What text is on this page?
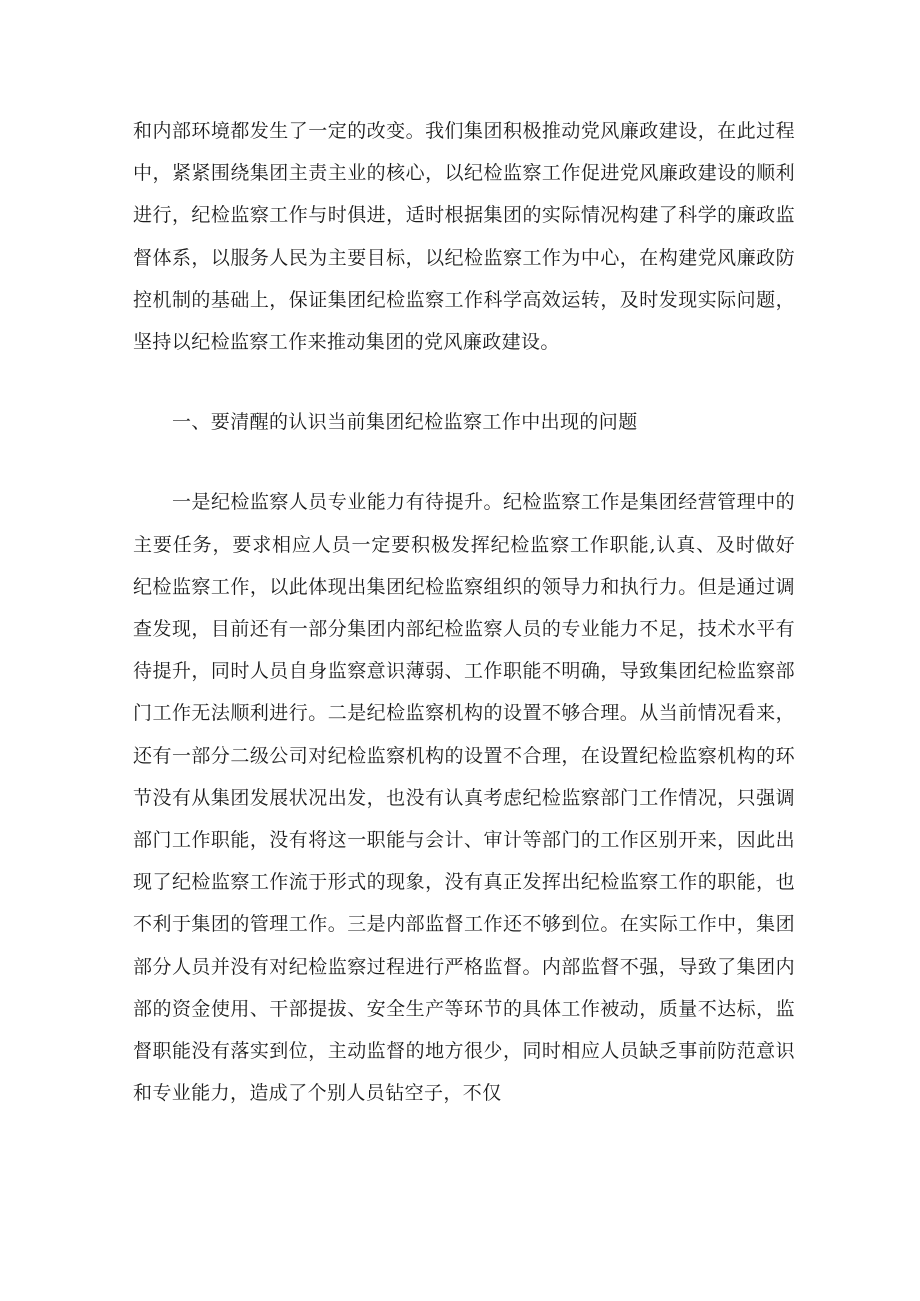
和内部环境都发生了一定的改变。我们集团积极推动党风廉政建设，在此过程中，紧紧围绕集团主责主业的核心，以纪检监察工作促进党风廉政建设的顺利进行，纪检监察工作与时俱进，适时根据集团的实际情况构建了科学的廉政监督体系，以服务人民为主要目标，以纪检监察工作为中心，在构建党风廉政防控机制的基础上，保证集团纪检监察工作科学高效运转，及时发现实际问题，坚持以纪检监察工作来推动集团的党风廉政建设。

一、要清醒的认识当前集团纪检监察工作中出现的问题

一是纪检监察人员专业能力有待提升。纪检监察工作是集团经营管理中的主要任务，要求相应人员一定要积极发挥纪检监察工作职能,认真、及时做好纪检监察工作，以此体现出集团纪检监察组织的领导力和执行力。但是通过调查发现，目前还有一部分集团内部纪检监察人员的专业能力不足，技术水平有待提升，同时人员自身监察意识薄弱、工作职能不明确，导致集团纪检监察部门工作无法顺利进行。二是纪检监察机构的设置不够合理。从当前情况看来，还有一部分二级公司对纪检监察机构的设置不合理，在设置纪检监察机构的环节没有从集团发展状况出发，也没有认真考虑纪检监察部门工作情况，只强调部门工作职能，没有将这一职能与会计、审计等部门的工作区别开来，因此出现了纪检监察工作流于形式的现象，没有真正发挥出纪检监察工作的职能，也不利于集团的管理工作。三是内部监督工作还不够到位。在实际工作中，集团部分人员并没有对纪检监察过程进行严格监督。内部监督不强，导致了集团内部的资金使用、干部提拔、安全生产等环节的具体工作被动，质量不达标，监督职能没有落实到位，主动监督的地方很少，同时相应人员缺乏事前防范意识和专业能力，造成了个别人员钻空子，不仅
